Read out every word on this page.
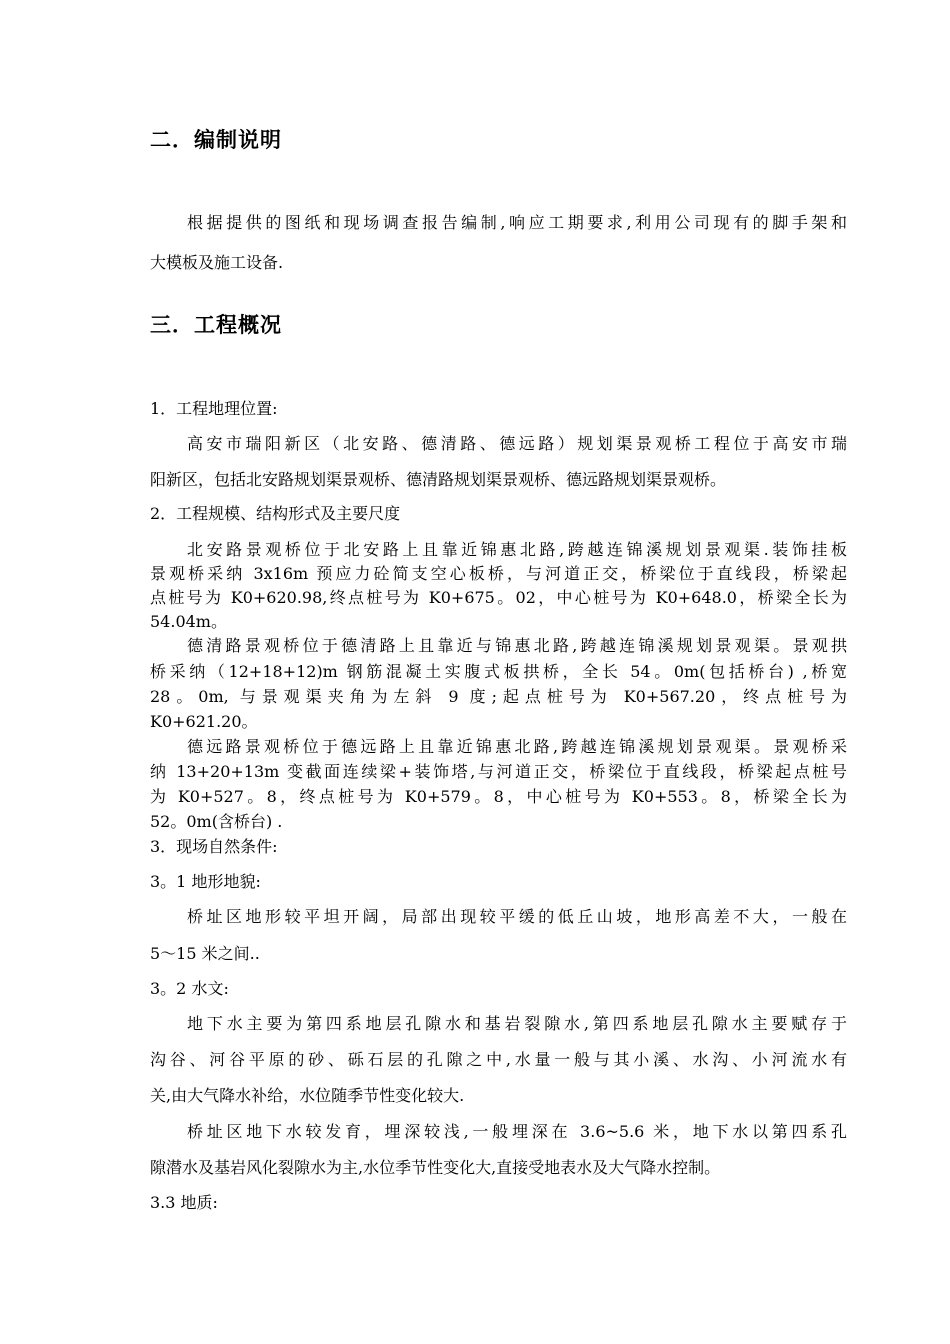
二．编制说明
根据提供的图纸和现场调查报告编制,响应工期要求,利用公司现有的脚手架和
大模板及施工设备.
三．工程概况
1．工程地理位置:
高安市瑞阳新区（北安路、德清路、德远路）规划渠景观桥工程位于高安市瑞
阳新区，包括北安路规划渠景观桥、德清路规划渠景观桥、德远路规划渠景观桥。
2．工程规模、结构形式及主要尺度
北安路景观桥位于北安路上且靠近锦惠北路,跨越连锦溪规划景观渠.装饰挂板
景观桥采纳 3x16m 预应力砼简支空心板桥，与河道正交，桥梁位于直线段，桥梁起
点桩号为 K0+620.98,终点桩号为 K0+675。02，中心桩号为 K0+648.0，桥梁全长为
54.04m。
德清路景观桥位于德清路上且靠近与锦惠北路,跨越连锦溪规划景观渠。景观拱
桥采纳（12+18+12)m 钢筋混凝土实腹式板拱桥，全长 54。0m(包括桥台) ,桥宽
28。0m, 与景观渠夹角为左斜 9 度;起点桩号为 K0+567.20，终点桩号为
K0+621.20。
德远路景观桥位于德远路上且靠近锦惠北路,跨越连锦溪规划景观渠。景观桥采
纳 13+20+13m 变截面连续梁+装饰塔,与河道正交，桥梁位于直线段，桥梁起点桩号
为 K0+527。8，终点桩号为 K0+579。8，中心桩号为 K0+553。8，桥梁全长为
52。0m(含桥台) .
3．现场自然条件:
3。1 地形地貌:
桥址区地形较平坦开阔，局部出现较平缓的低丘山坡，地形高差不大，一般在
5～15 米之间..
3。2 水文:
地下水主要为第四系地层孔隙水和基岩裂隙水,第四系地层孔隙水主要赋存于
沟谷、河谷平原的砂、砾石层的孔隙之中,水量一般与其小溪、水沟、小河流水有
关,由大气降水补给，水位随季节性变化较大.
桥址区地下水较发育，埋深较浅,一般埋深在 3.6~5.6 米，地下水以第四系孔
隙潜水及基岩风化裂隙水为主,水位季节性变化大,直接受地表水及大气降水控制。
3.3 地质:
